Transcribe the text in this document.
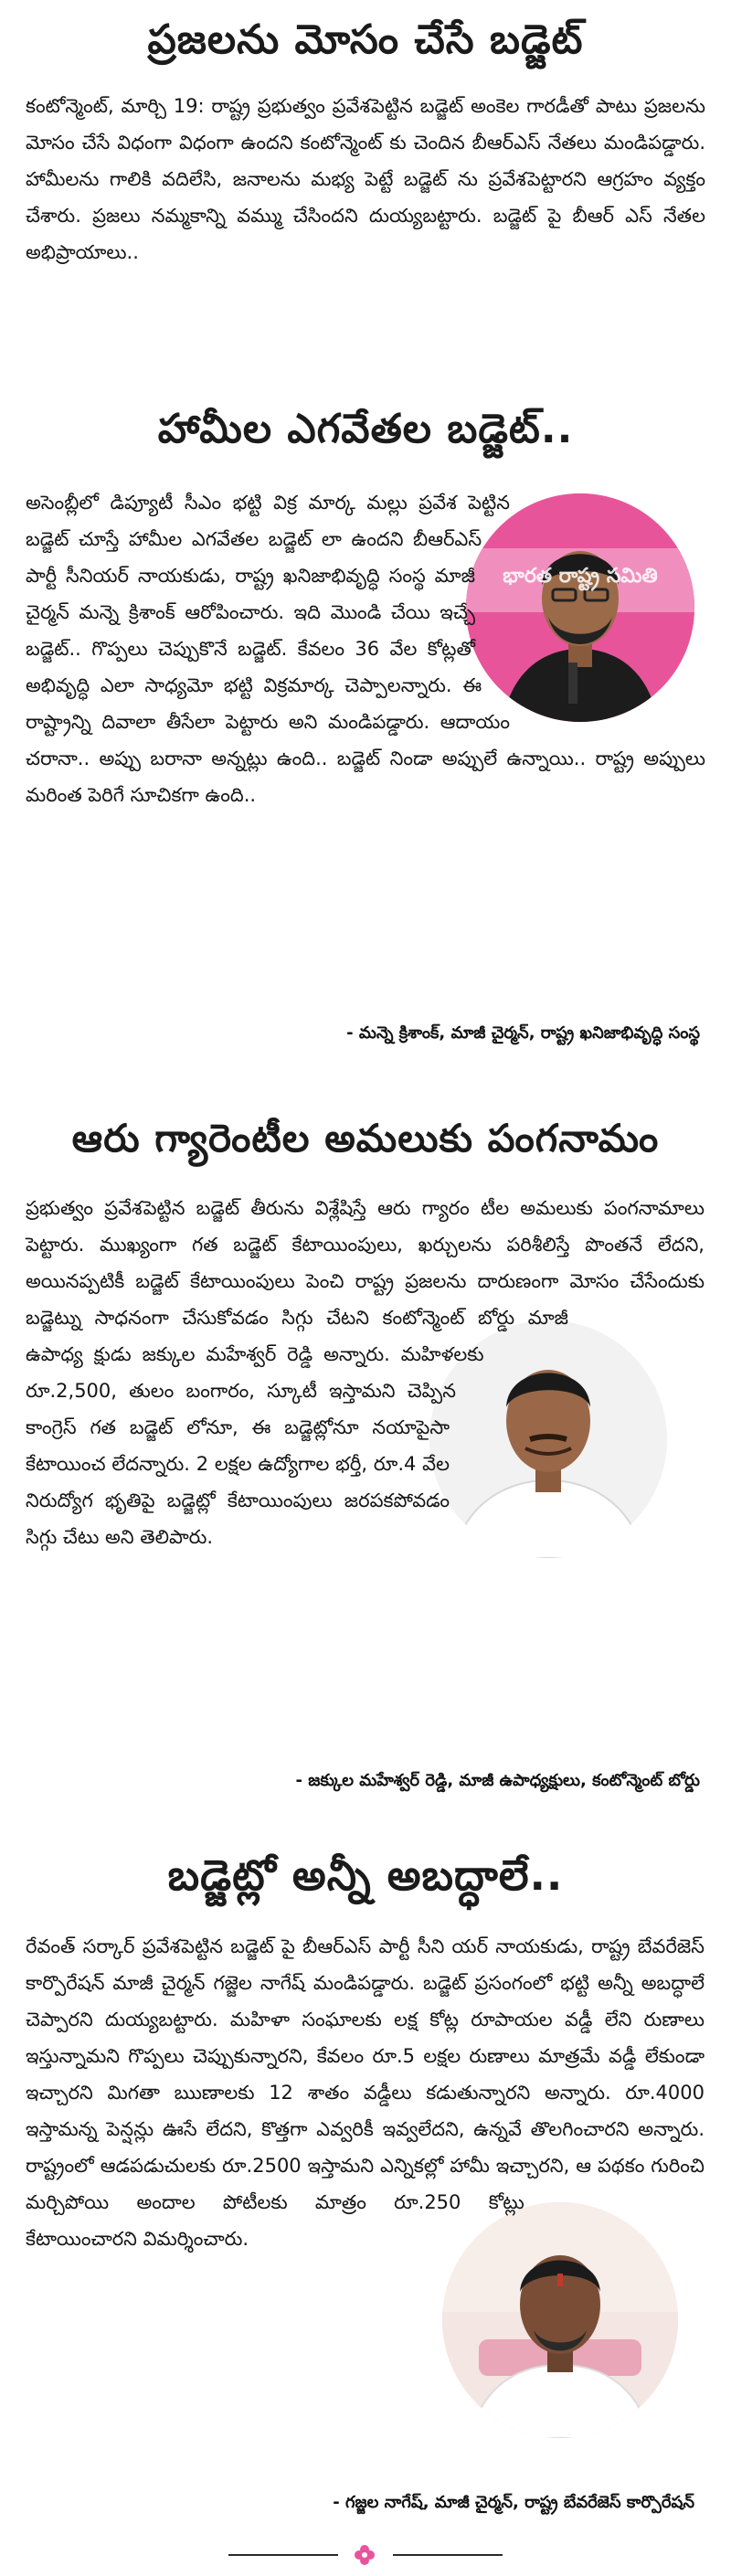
ప్రజలను మోసం చేసే బడ్జెట్
కంటోన్మెంట్, మార్చి 19: రాష్ట్ర ప్రభుత్వం ప్రవేశపెట్టిన బడ్జెట్ అంకెల గారడీతో పాటు ప్రజలను మోసం చేసే విధంగా విధంగా ఉందని కంటోన్మెంట్ కు చెందిన బీఆర్ఎస్ నేతలు మండిపడ్డారు. హామీలను గాలికి వదిలేసి, జనాలను మభ్య పెట్టే బడ్జెట్ ను ప్రవేశపెట్టారని ఆగ్రహం వ్యక్తం చేశారు. ప్రజలు నమ్మకాన్ని వమ్ము చేసిందని దుయ్యబట్టారు. బడ్జెట్ పై బీఆర్ ఎస్ నేతల అభిప్రాయాలు..
హామీల ఎగవేతల బడ్జెట్..
భారత రాష్ట్ర సమితి
అసెంబ్లీలో డిప్యూటీ సీఎం భట్టి విక్ర మార్క మల్లు ప్రవేశ పెట్టిన బడ్జెట్ చూస్తే హామీల ఎగవేతల బడ్జెట్ లా ఉందని బీఆర్ఎస్ పార్టీ సీనియర్ నాయకుడు, రాష్ట్ర ఖనిజాభివృద్ధి సంస్థ మాజీ చైర్మన్ మన్నె క్రిశాంక్ ఆరోపించారు. ఇది మొండి చేయి ఇచ్చే బడ్జెట్.. గొప్పలు చెప్పుకొనే బడ్జెట్. కేవలం 36 వేల కోట్లతో అభివృద్ధి ఎలా సాధ్యమో భట్టి విక్రమార్క చెప్పాలన్నారు. ఈ రాష్ట్రాన్ని దివాలా తీసేలా పెట్టారు అని మండిపడ్డారు. ఆదాయం చరానా.. అప్పు బరానా అన్నట్లు ఉంది.. బడ్జెట్ నిండా అప్పులే ఉన్నాయి.. రాష్ట్ర అప్పులు మరింత పెరిగే సూచికగా ఉంది..
- మన్నె క్రిశాంక్, మాజీ చైర్మన్, రాష్ట్ర ఖనిజాభివృద్ధి సంస్థ
ఆరు గ్యారెంటీల అమలుకు పంగనామం
ప్రభుత్వం ప్రవేశపెట్టిన బడ్జెట్ తీరును విశ్లేషిస్తే ఆరు గ్యారం టీల అమలుకు పంగనామాలు పెట్టారు. ముఖ్యంగా గత బడ్జెట్ కేటాయింపులు, ఖర్చులను పరిశీలిస్తే పొంతనే లేదని, అయినప్పటికీ బడ్జెట్ కేటాయింపులు పెంచి రాష్ట్ర ప్రజలను దారుణంగా మోసం చేసేందుకు బడ్జెట్ను సాధనంగా చేసుకోవడం సిగ్గు చేటని కంటోన్మెంట్ బోర్డు మాజీ ఉపాధ్య క్షుడు జక్కుల మహేశ్వర్ రెడ్డి అన్నారు. మహిళలకు రూ.2,500, తులం బంగారం, స్కూటీ ఇస్తామని చెప్పిన కాంగ్రెస్ గత బడ్జెట్ లోనూ, ఈ బడ్జెట్లోనూ నయాపైసా కేటాయించ లేదన్నారు. 2 లక్షల ఉద్యోగాల భర్తీ, రూ.4 వేల నిరుద్యోగ భృతిపై బడ్జెట్లో కేటాయింపులు జరపకపోవడం సిగ్గు చేటు అని తెలిపారు.
- జక్కుల మహేశ్వర్ రెడ్డి, మాజీ ఉపాధ్యక్షులు, కంటోన్మెంట్ బోర్డు
బడ్జెట్లో అన్నీ అబద్ధాలే..
రేవంత్ సర్కార్ ప్రవేశపెట్టిన బడ్జెట్ పై బీఆర్ఎస్ పార్టీ సీని యర్ నాయకుడు, రాష్ట్ర బేవరేజెస్ కార్పొరేషన్ మాజీ చైర్మన్ గజ్జెల నాగేష్ మండిపడ్డారు. బడ్జెట్ ప్రసంగంలో భట్టి అన్నీ అబద్ధాలే చెప్పారని దుయ్యబట్టారు. మహిళా సంఘాలకు లక్ష కోట్ల రూపాయల వడ్డీ లేని రుణాలు ఇస్తున్నామని గొప్పలు చెప్పుకున్నారని, కేవలం రూ.5 లక్షల రుణాలు మాత్రమే వడ్డీ లేకుండా ఇచ్చారని మిగతా ఋణాలకు 12 శాతం వడ్డీలు కడుతున్నారని అన్నారు. రూ.4000 ఇస్తామన్న పెన్షన్లు ఊసే లేదని, కొత్తగా ఎవ్వరికీ ఇవ్వలేదని, ఉన్నవే తొలగించారని అన్నారు. రాష్ట్రంలో ఆడపడుచులకు రూ.2500 ఇస్తామని ఎన్నికల్లో హామీ ఇచ్చారని, ఆ పథకం గురించి మర్చిపోయి అందాల పోటీలకు మాత్రం రూ.250 కోట్లు కేటాయించారని విమర్శించారు.
- గజ్జల నాగేష్, మాజీ చైర్మన్, రాష్ట్ర బేవరేజెస్ కార్పొరేషన్
